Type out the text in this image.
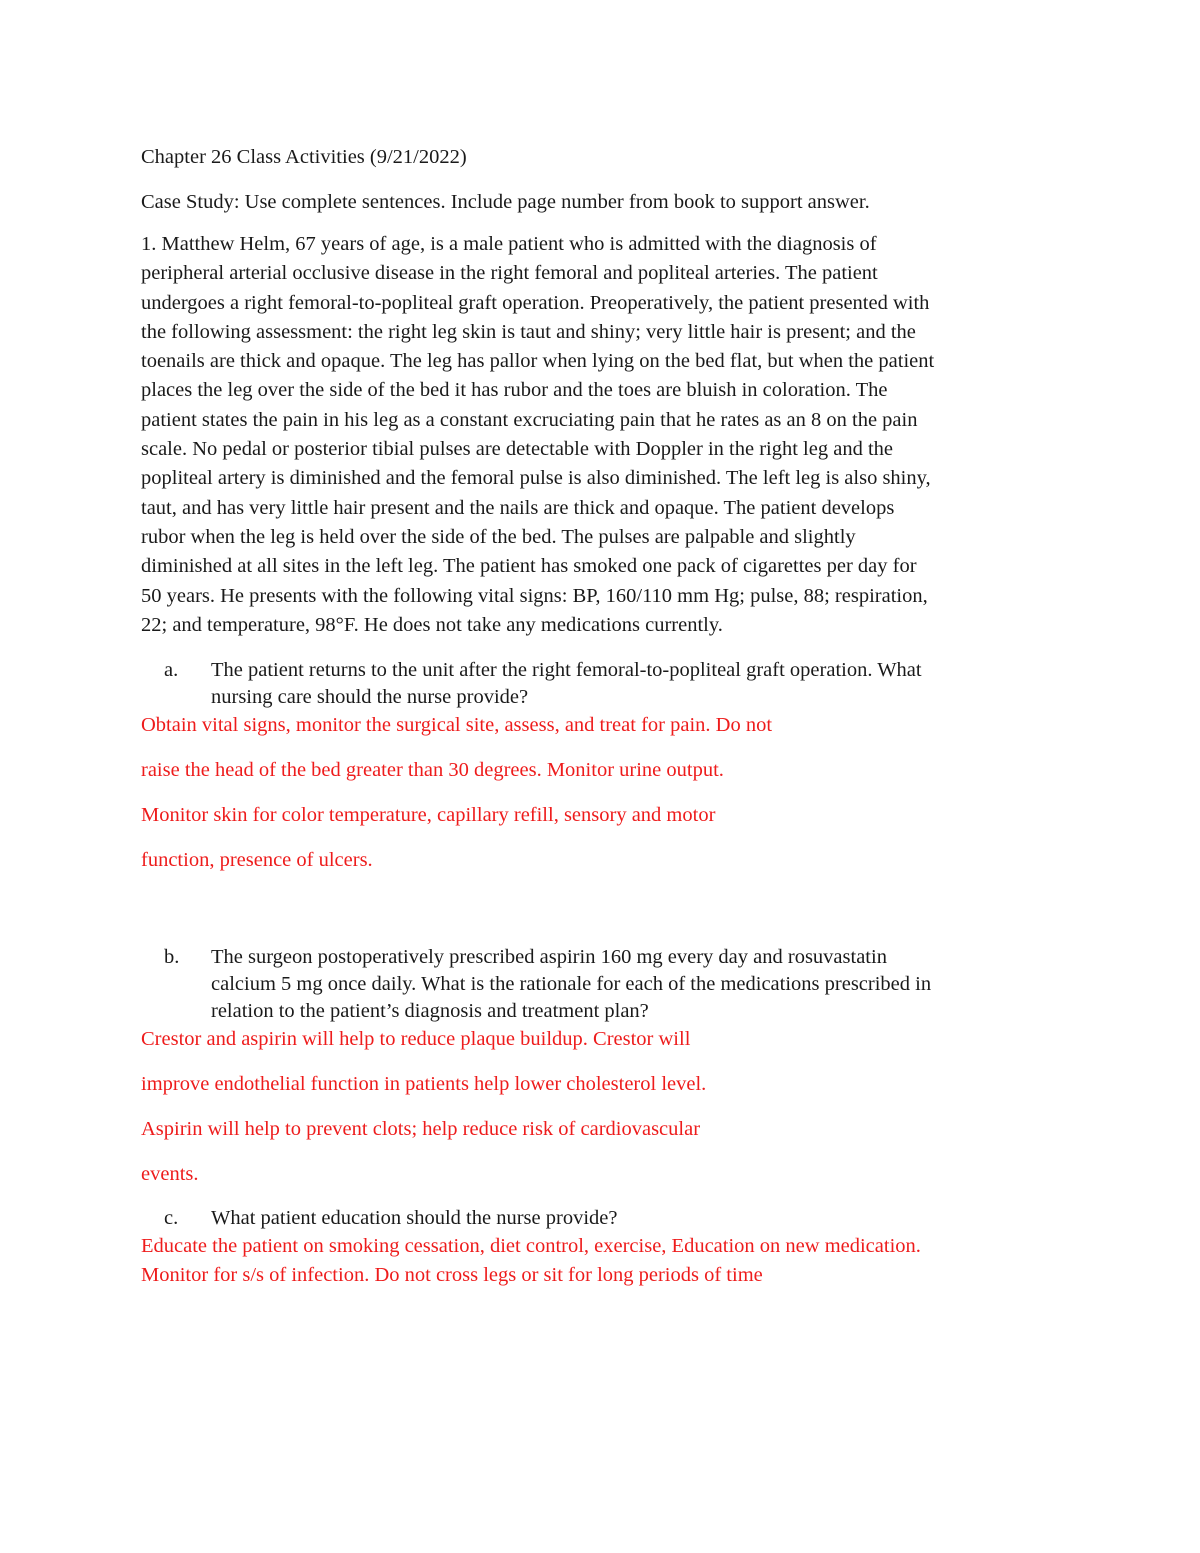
Chapter 26 Class Activities (9/21/2022)
Case Study: Use complete sentences. Include page number from book to support answer.
1. Matthew Helm, 67 years of age, is a male patient who is admitted with the diagnosis of
peripheral arterial occlusive disease in the right femoral and popliteal arteries. The patient
undergoes a right femoral-to-popliteal graft operation. Preoperatively, the patient presented with
the following assessment: the right leg skin is taut and shiny; very little hair is present; and the
toenails are thick and opaque. The leg has pallor when lying on the bed flat, but when the patient
places the leg over the side of the bed it has rubor and the toes are bluish in coloration. The
patient states the pain in his leg as a constant excruciating pain that he rates as an 8 on the pain
scale. No pedal or posterior tibial pulses are detectable with Doppler in the right leg and the
popliteal artery is diminished and the femoral pulse is also diminished. The left leg is also shiny,
taut, and has very little hair present and the nails are thick and opaque. The patient develops
rubor when the leg is held over the side of the bed. The pulses are palpable and slightly
diminished at all sites in the left leg. The patient has smoked one pack of cigarettes per day for
50 years. He presents with the following vital signs: BP, 160/110 mm Hg; pulse, 88; respiration,
22; and temperature, 98°F. He does not take any medications currently.
a.	The patient returns to the unit after the right femoral-to-popliteal graft operation. What
nursing care should the nurse provide?
Obtain vital signs, monitor the surgical site, assess, and treat for pain. Do not
raise the head of the bed greater than 30 degrees. Monitor urine output.
Monitor skin for color temperature, capillary refill, sensory and motor
function, presence of ulcers.
b.	The surgeon postoperatively prescribed aspirin 160 mg every day and rosuvastatin
calcium 5 mg once daily. What is the rationale for each of the medications prescribed in
relation to the patient’s diagnosis and treatment plan?
Crestor and aspirin will help to reduce plaque buildup. Crestor will
improve endothelial function in patients help lower cholesterol level.
Aspirin will help to prevent clots; help reduce risk of cardiovascular
events.
c.	What patient education should the nurse provide?
Educate the patient on smoking cessation, diet control, exercise, Education on new medication.
Monitor for s/s of infection. Do not cross legs or sit for long periods of time
